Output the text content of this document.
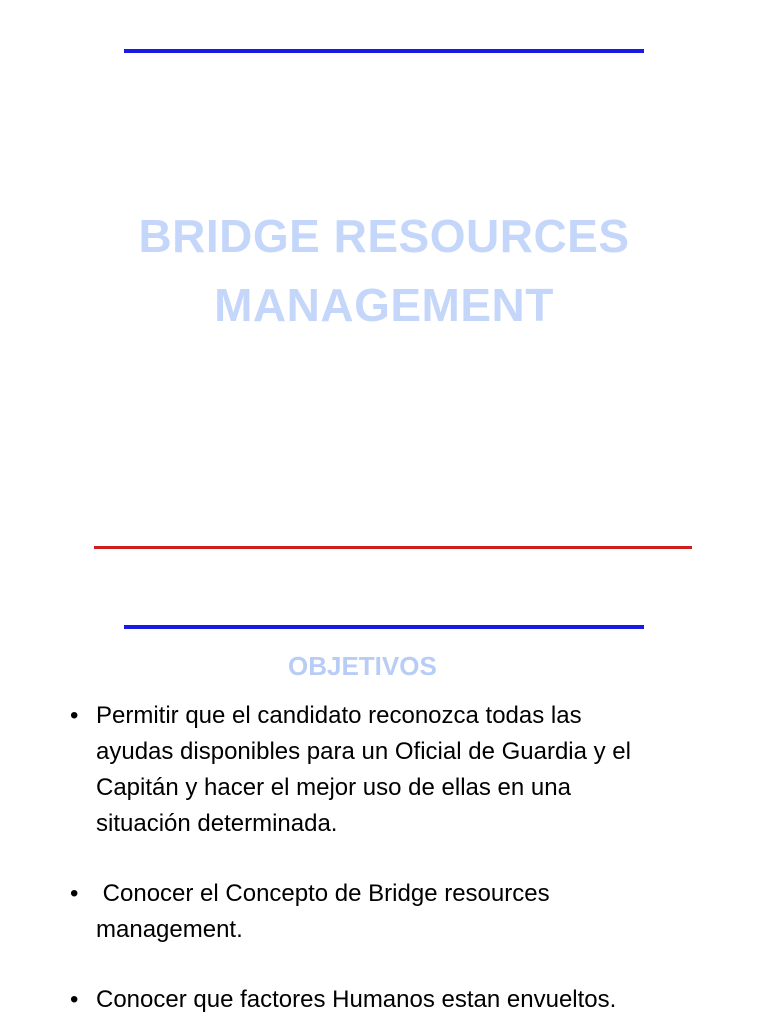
BRIDGE RESOURCES
MANAGEMENT
OBJETIVOS
• Permitir que el candidato reconozca todas las
ayudas disponibles para un Oficial de Guardia y el
Capitán y hacer el mejor uso de ellas en una
situación determinada.
• Conocer el Concepto de Bridge resources
management.
• Conocer que factores Humanos estan envueltos.
